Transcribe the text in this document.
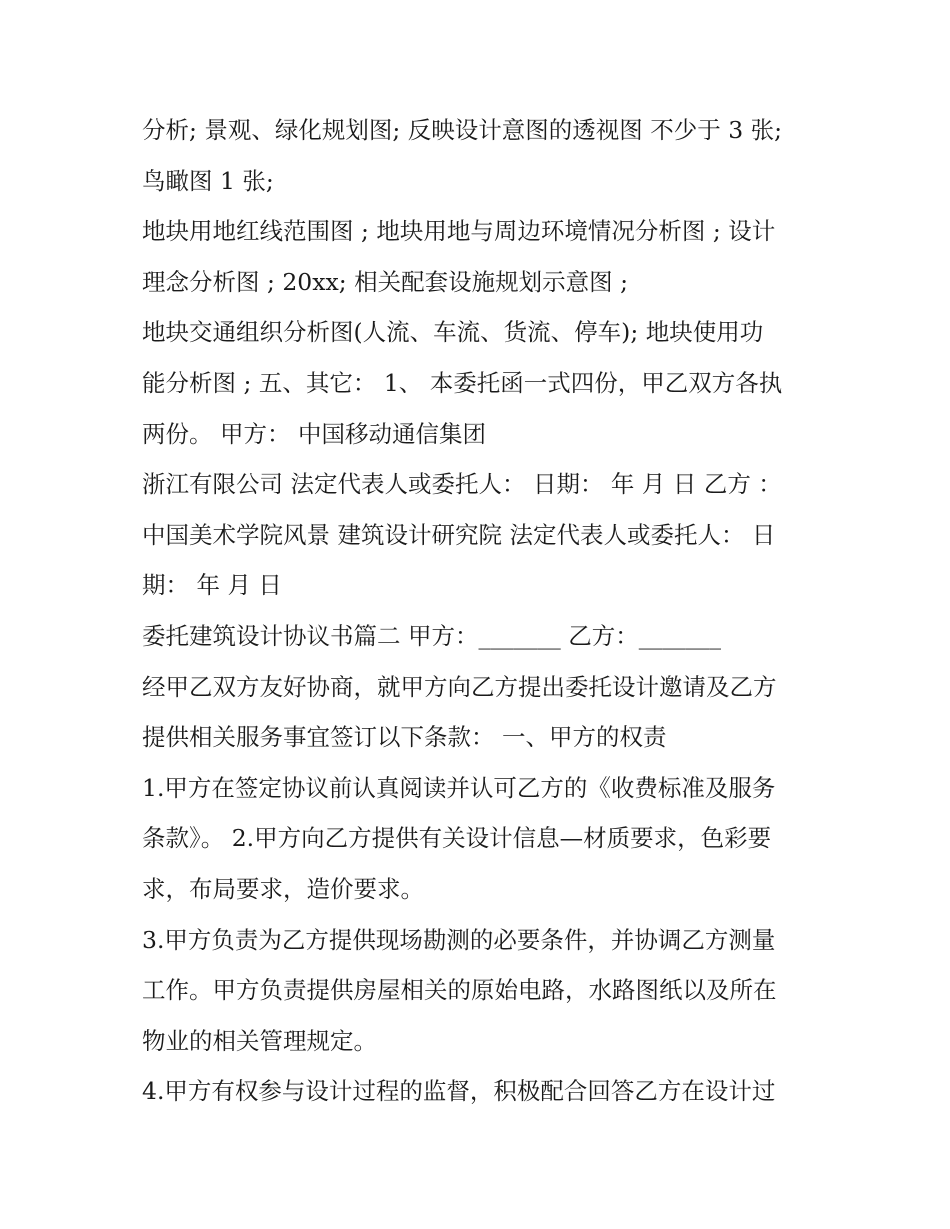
分析; 景观、绿化规划图; 反映设计意图的透视图 不少于 3 张;
鸟瞰图 1 张;
地块用地红线范围图 ; 地块用地与周边环境情况分析图 ; 设计
理念分析图 ; 20xx; 相关配套设施规划示意图 ;
地块交通组织分析图(人流、车流、货流、停车); 地块使用功
能分析图 ; 五、其它： 1、 本委托函一式四份，甲乙双方各执
两份。 甲方： 中国移动通信集团
浙江有限公司 法定代表人或委托人： 日期： 年 月 日 乙方 ：
中国美术学院风景 建筑设计研究院 法定代表人或委托人： 日
期： 年 月 日
委托建筑设计协议书篇二 甲方：_______ 乙方：_______
经甲乙双方友好协商，就甲方向乙方提出委托设计邀请及乙方
提供相关服务事宜签订以下条款： 一、甲方的权责
1.甲方在签定协议前认真阅读并认可乙方的《收费标准及服务
条款》。 2.甲方向乙方提供有关设计信息—材质要求，色彩要
求，布局要求，造价要求。
3.甲方负责为乙方提供现场勘测的必要条件，并协调乙方测量
工作。甲方负责提供房屋相关的原始电路，水路图纸以及所在
物业的相关管理规定。
4.甲方有权参与设计过程的监督，积极配合回答乙方在设计过
